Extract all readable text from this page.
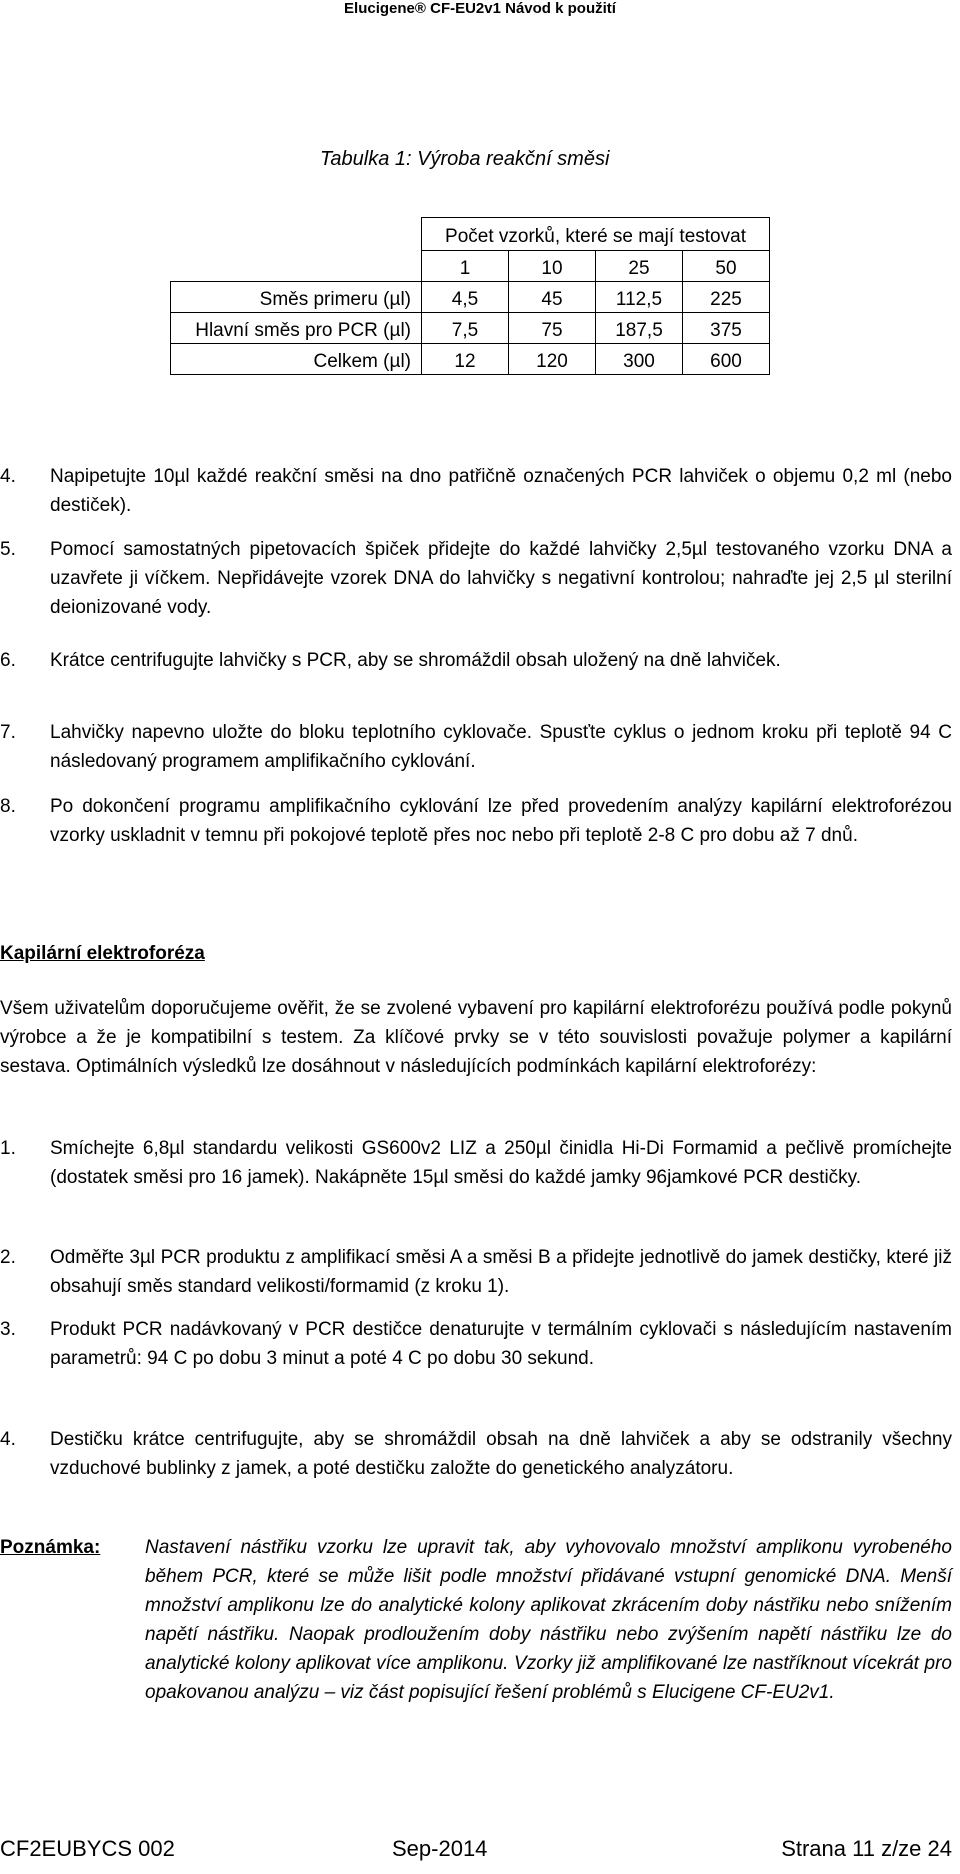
Elucigene® CF-EU2v1 Návod k použití
Tabulka 1: Výroba reakční směsi
	Počet vzorků, které se mají testovat			
	1	10	25	50
Směs primeru (µl)	4,5	45	112,5	225
Hlavní směs pro PCR (µl)	7,5	75	187,5	375
Celkem (µl)	12	120	300	600
4. Napipetujte 10µl každé reakční směsi na dno patřičně označených PCR lahviček o objemu 0,2 ml (nebo destiček).
5. Pomocí samostatných pipetovacích špiček přidejte do každé lahvičky 2,5µl testovaného vzorku DNA a uzavřete ji víčkem. Nepřidávejte vzorek DNA do lahvičky s negativní kontrolou; nahraďte jej 2,5 µl sterilní deionizované vody.
6. Krátce centrifugujte lahvičky s PCR, aby se shromáždil obsah uložený na dně lahviček.
7. Lahvičky napevno uložte do bloku teplotního cyklovače. Spusťte cyklus o jednom kroku při teplotě 94 C následovaný programem amplifikačního cyklování.
8. Po dokončení programu amplifikačního cyklování lze před provedením analýzy kapilární elektroforézou vzorky uskladnit v temnu při pokojové teplotě přes noc nebo při teplotě 2-8 C pro dobu až 7 dnů.
Kapilární elektroforéza
Všem uživatelům doporučujeme ověřit, že se zvolené vybavení pro kapilární elektroforézu používá podle pokynů výrobce a že je kompatibilní s testem. Za klíčové prvky se v této souvislosti považuje polymer a kapilární sestava. Optimálních výsledků lze dosáhnout v následujících podmínkách kapilární elektroforézy:
1. Smíchejte 6,8µl standardu velikosti GS600v2 LIZ a 250µl činidla Hi-Di Formamid a pečlivě promíchejte (dostatek směsi pro 16 jamek). Nakápněte 15µl směsi do každé jamky 96jamkové PCR destičky.
2. Odměřte 3µl PCR produktu z amplifikací směsi A a směsi B a přidejte jednotlivě do jamek destičky, které již obsahují směs standard velikosti/formamid (z kroku 1).
3. Produkt PCR nadávkovaný v PCR destičce denaturujte v termálním cyklovači s následujícím nastavením parametrů: 94 C po dobu 3 minut a poté 4 C po dobu 30 sekund.
4. Destičku krátce centrifugujte, aby se shromáždil obsah na dně lahviček a aby se odstranily všechny vzduchové bublinky z jamek, a poté destičku založte do genetického analyzátoru.
Poznámka: Nastavení nástřiku vzorku lze upravit tak, aby vyhovovalo množství amplikonu vyrobeného během PCR, které se může lišit podle množství přidávané vstupní genomické DNA. Menší množství amplikonu lze do analytické kolony aplikovat zkrácením doby nástřiku nebo snížením napětí nástřiku. Naopak prodloužením doby nástřiku nebo zvýšením napětí nástřiku lze do analytické kolony aplikovat více amplikonu. Vzorky již amplifikované lze nastříknout vícekrát pro opakovanou analýzu – viz část popisující řešení problémů s Elucigene CF-EU2v1.
CF2EUBYCS 002	Sep-2014	Strana 11 z/ze 24
